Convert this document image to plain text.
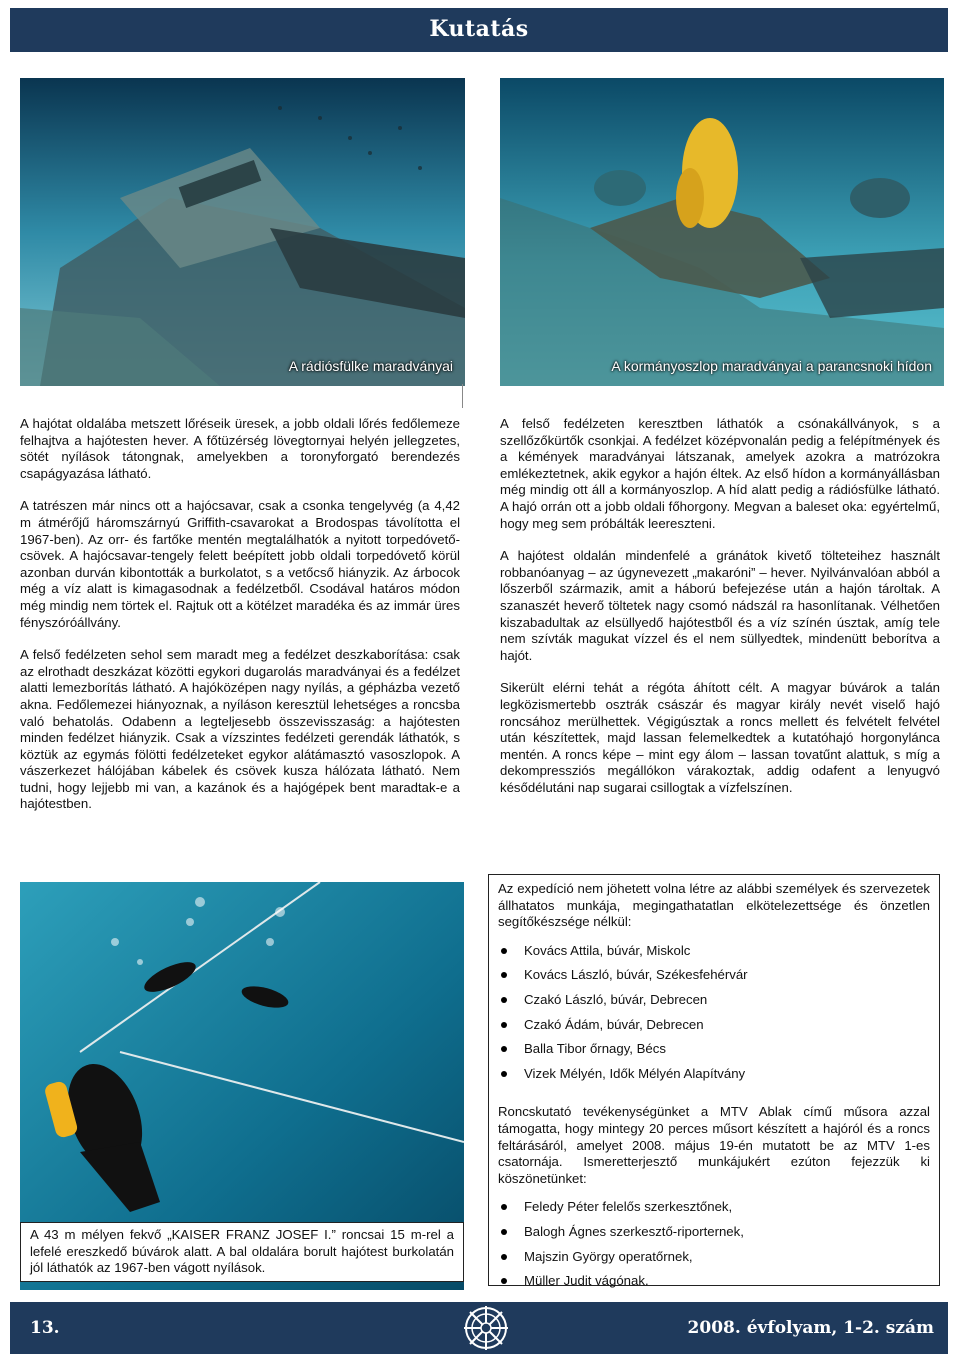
Kutatás
A rádiósfülke maradványai	A kormányoszlop maradványai a parancsnoki hídon

A hajótat oldalába metszett lőréseik üresek, a jobb oldali lőrés fedőlemeze felhajtva a hajótesten hever. A főtüzérség lövegtornyai helyén jellegzetes, sötét nyílások tátongnak, amelyekben a toronyforgató berendezés csapágyazása látható.

A tatrészen már nincs ott a hajócsavar, csak a csonka tengelyvég (a 4,42 m átmérőjű háromszárnyú Griffith-csavarokat a Brodospas távolította el 1967-ben). Az orr- és fartőke mentén megtalálhatók a nyitott torpedóvető-csövek. A hajócsavar-tengely felett beépített jobb oldali torpedóvető körül azonban durván kibontották a burkolatot, s a vetőcső hiányzik. Az árbocok még a víz alatt is kimagasodnak a fedélzetből. Csodával határos módon még mindig nem törtek el. Rajtuk ott a kötélzet maradéka és az immár üres fényszóróállvány.

A felső fedélzeten sehol sem maradt meg a fedélzet deszkaborítása: csak az elrothadt deszkázat közötti egykori dugarolás maradványai és a fedélzet alatti lemezborítás látható. A hajóközépen nagy nyílás, a gépházba vezető akna. Fedőlemezei hiányoznak, a nyíláson keresztül lehetséges a roncsba való behatolás. Odabenn a legteljesebb összevisszaság: a hajótesten minden fedélzet hiányzik. Csak a vízszintes fedélzeti gerendák láthatók, s köztük az egymás fölötti fedélzeteket egykor alátámasztó vasoszlopok. A vászerkezet hálójában kábelek és csövek kusza hálózata látható. Nem tudni, hogy lejjebb mi van, a kazánok és a hajógépek bent maradtak-e a hajótestben.

A felső fedélzeten keresztben láthatók a csónakállványok, s a szellőzőkürtők csonkjai. A fedélzet középvonalán pedig a felépítmények és a kémények maradványai látszanak, amelyek azokra a matrózokra emlékeztetnek, akik egykor a hajón éltek. Az első hídon a kormányállásban még mindig ott áll a kormányoszlop. A híd alatt pedig a rádiósfülke látható. A hajó orrán ott a jobb oldali főhorgony. Megvan a baleset oka: egyértelmű, hogy meg sem próbálták leereszteni.

A hajótest oldalán mindenfelé a gránátok kivető tölteteihez használt robbanóanyag – az úgynevezett „makaróni” – hever. Nyilvánvalóan abból a lőszerből származik, amit a háború befejezése után a hajón tároltak. A szanaszét heverő töltetek nagy csomó nádszál ra hasonlítanak. Vélhetően kiszabadultak az elsüllyedő hajótestből és a víz színén úsztak, amíg tele nem szívták magukat vízzel és el nem süllyedtek, mindenütt beborítva a hajót.

Sikerült elérni tehát a régóta áhított célt. A magyar búvárok a talán legközismertebb osztrák császár és magyar király nevét viselő hajó roncsához merülhettek. Végigúsztak a roncs mellett és felvételt felvétel után készítettek, majd lassan felemelkedtek a kutatóhajó horgonyláncа mentén. A roncs képe – mint egy álom – lassan tovatűnt alattuk, s míg a dekompressziós megállókon várakoztak, addig odafent a lenyugvó késődélutáni nap sugarai csillogtak a vízfelszínen.

A 43 m mélyen fekvő „KAISER FRANZ JOSEF I.” roncsai 15 m-rel a lefelé ereszkedő búvárok alatt. A bal oldalára borult hajótest burkolatán jól láthatók az 1967-ben vágott nyílások.
Az expedíció nem jöhetett volna létre az alábbi személyek és szervezetek állhatatos munkája, megingathatatlan elkötelezettsége és önzetlen segítőkészsége nélkül:
Kovács Attila, búvár, Miskolc
Kovács László, búvár, Székesfehérvár
Czakó László, búvár, Debrecen
Czakó Ádám, búvár, Debrecen
Balla Tibor őrnagy, Bécs
Vizek Mélyén, Idők Mélyén Alapítvány
Roncskutató tevékenységünket a MTV Ablak című műsora azzal támogatta, hogy mintegy 20 perces műsort készített a hajóról és a roncs feltárásáról, amelyet 2008. május 19-én mutatott be az MTV 1-es csatornája. Ismeretterjesztő munkájukért ezúton fejezzük ki köszönetünket:
Feledy Péter felelős szerkesztőnek,
Balogh Ágnes szerkesztő-riporternek,
Majszin György operatőrnek,
Müller Judit vágónak.
13.	2008. évfolyam, 1-2. szám
